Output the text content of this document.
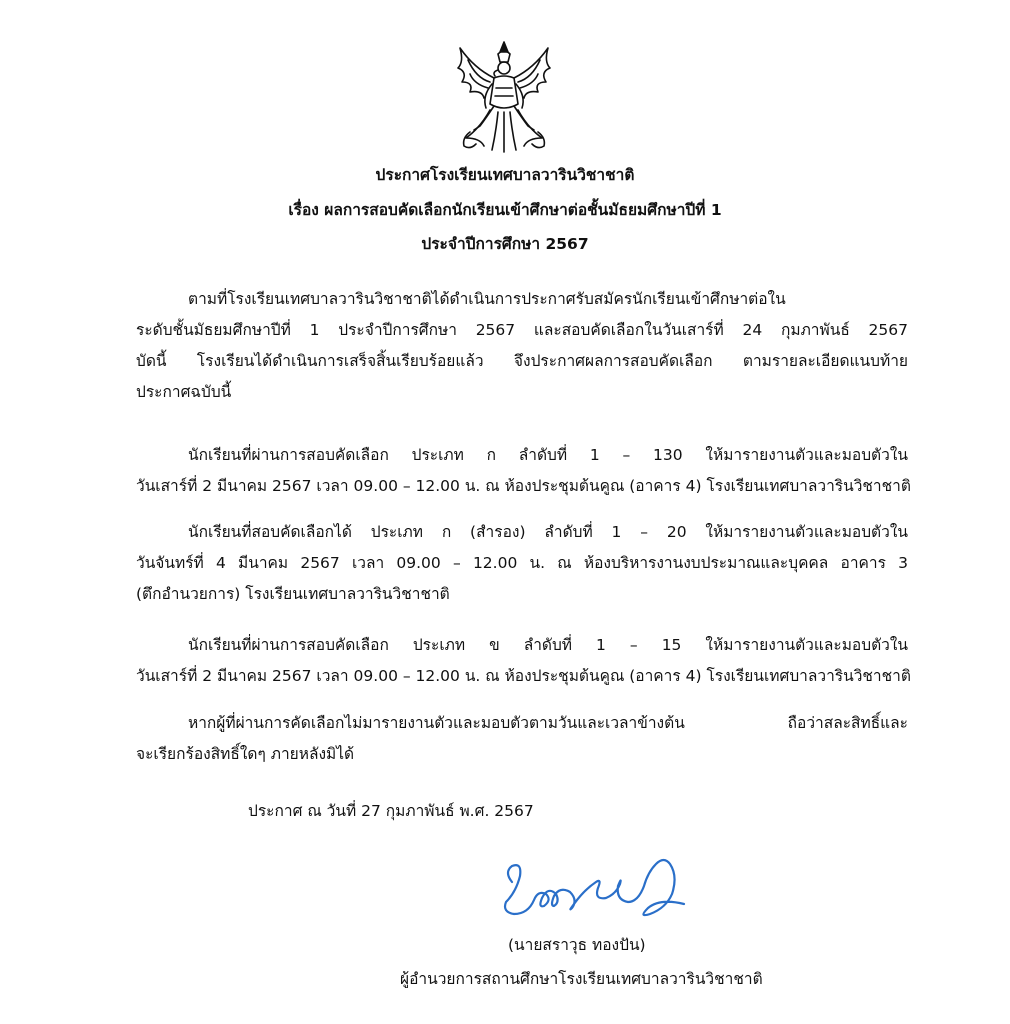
ประกาศโรงเรียนเทศบาลวารินวิชาชาติ
เรื่อง ผลการสอบคัดเลือกนักเรียนเข้าศึกษาต่อชั้นมัธยมศึกษาปีที่ 1
ประจำปีการศึกษา 2567
ตามที่โรงเรียนเทศบาลวารินวิชาชาติได้ดำเนินการประกาศรับสมัครนักเรียนเข้าศึกษาต่อใน
ระดับชั้นมัธยมศึกษาปีที่ 1 ประจำปีการศึกษา 2567 และสอบคัดเลือกในวันเสาร์ที่ 24 กุมภาพันธ์ 2567
บัดนี้ โรงเรียนได้ดำเนินการเสร็จสิ้นเรียบร้อยแล้ว จึงประกาศผลการสอบคัดเลือก ตามรายละเอียดแนบท้าย
ประกาศฉบับนี้
นักเรียนที่ผ่านการสอบคัดเลือก ประเภท ก ลำดับที่ 1 – 130 ให้มารายงานตัวและมอบตัวใน
วันเสาร์ที่ 2 มีนาคม 2567 เวลา 09.00 – 12.00 น. ณ ห้องประชุมต้นคูณ (อาคาร 4) โรงเรียนเทศบาลวารินวิชาชาติ
นักเรียนที่สอบคัดเลือกได้ ประเภท ก (สำรอง) ลำดับที่ 1 – 20 ให้มารายงานตัวและมอบตัวใน
วันจันทร์ที่ 4 มีนาคม 2567 เวลา 09.00 – 12.00 น. ณ ห้องบริหารงานงบประมาณและบุคคล อาคาร 3
(ตึกอำนวยการ) โรงเรียนเทศบาลวารินวิชาชาติ
นักเรียนที่ผ่านการสอบคัดเลือก ประเภท ข ลำดับที่ 1 – 15 ให้มารายงานตัวและมอบตัวใน
วันเสาร์ที่ 2 มีนาคม 2567 เวลา 09.00 – 12.00 น. ณ ห้องประชุมต้นคูณ (อาคาร 4) โรงเรียนเทศบาลวารินวิชาชาติ
หากผู้ที่ผ่านการคัดเลือกไม่มารายงานตัวและมอบตัวตามวันและเวลาข้างต้น ถือว่าสละสิทธิ์และ
จะเรียกร้องสิทธิ์ใดๆ ภายหลังมิได้
ประกาศ ณ วันที่ 27 กุมภาพันธ์ พ.ศ. 2567
(นายสราวุธ ทองปัน)
ผู้อำนวยการสถานศึกษาโรงเรียนเทศบาลวารินวิชาชาติ
